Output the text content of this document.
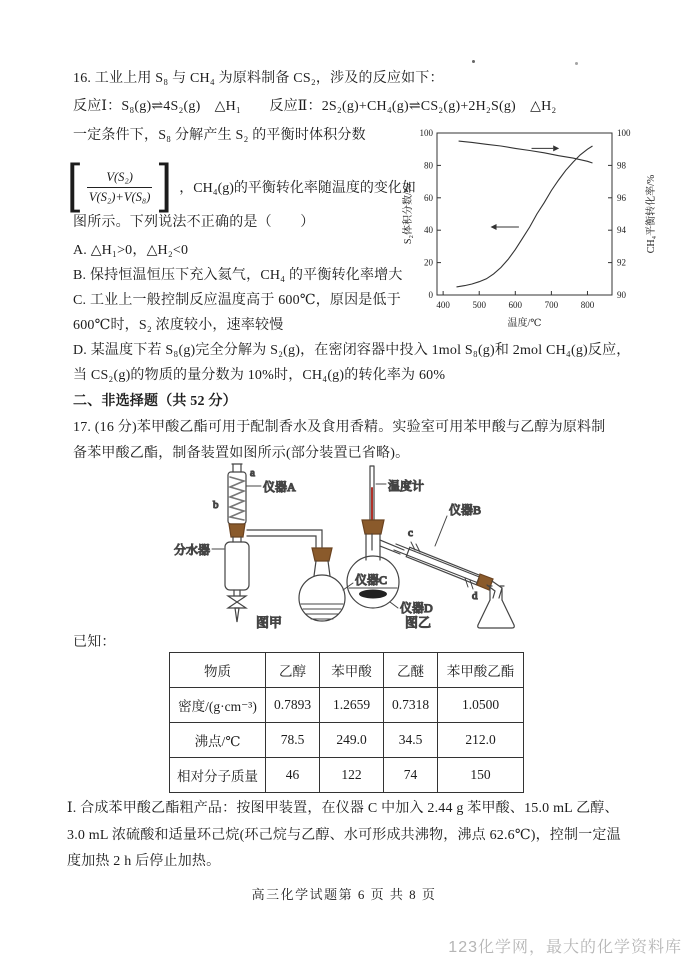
16. 工业上用 S₈ 与 CH₄ 为原料制备 CS₂，涉及的反应如下：
反应Ⅰ：S₈(g)⇌4S₂(g)　△H₁　　反应Ⅱ：2S₂(g)+CH₄(g)⇌CS₂(g)+2H₂S(g)　△H₂
一定条件下，S₈ 分解产生 S₂ 的平衡时体积分数
[ $\frac{\text{V(S₂)}}{\text{V(S₂)+V(S₈)}}$ ] ，CH₄(g)的平衡转化率随温度的变化如
图所示。下列说法不正确的是（　　）
A. △H₁>0，△H₂<0
B. 保持恒温恒压下充入氦气，CH₄ 的平衡转化率增大
C. 工业上一般控制反应温度高于 600℃，原因是低于
600℃时，S₂ 浓度较小，速率较慢
D. 某温度下若 S₈(g)完全分解为 S₂(g)，在密闭容器中投入 1mol S₈(g)和 2mol CH₄(g)反应，
当 CS₂(g)的物质的量分数为 10%时，CH₄(g)的转化率为 60%
400	500	600	700	800
0
20
40
60
80
100
90
92
94
96
98
100
温度/℃
S₂体积分数/%	CH₄平衡转化率/%
二、非选择题（共 52 分）
17. (16 分)苯甲酸乙酯可用于配制香水及食用香精。实验室可用苯甲酸与乙醇为原料制
备苯甲酸乙酯，制备装置如图所示(部分装置已省略)。
a
b
仪器A
分水器
仪器C
图甲
温度计
c
d
仪器B
仪器D
图乙
已知：
物质	乙醇	苯甲酸	乙醚	苯甲酸乙酯
密度/(g·cm⁻³)	0.7893	1.2659	0.7318	1.0500
沸点/℃	78.5	249.0	34.5	212.0
相对分子质量	46	122	74	150
Ⅰ. 合成苯甲酸乙酯粗产品：按图甲装置，在仪器 C 中加入 2.44 g 苯甲酸、15.0 mL 乙醇、
3.0 mL 浓硫酸和适量环己烷(环己烷与乙醇、水可形成共沸物，沸点 62.6℃)，控制一定温
度加热 2 h 后停止加热。
高三化学试题第 6 页 共 8 页
123化学网，最大的化学资料库
